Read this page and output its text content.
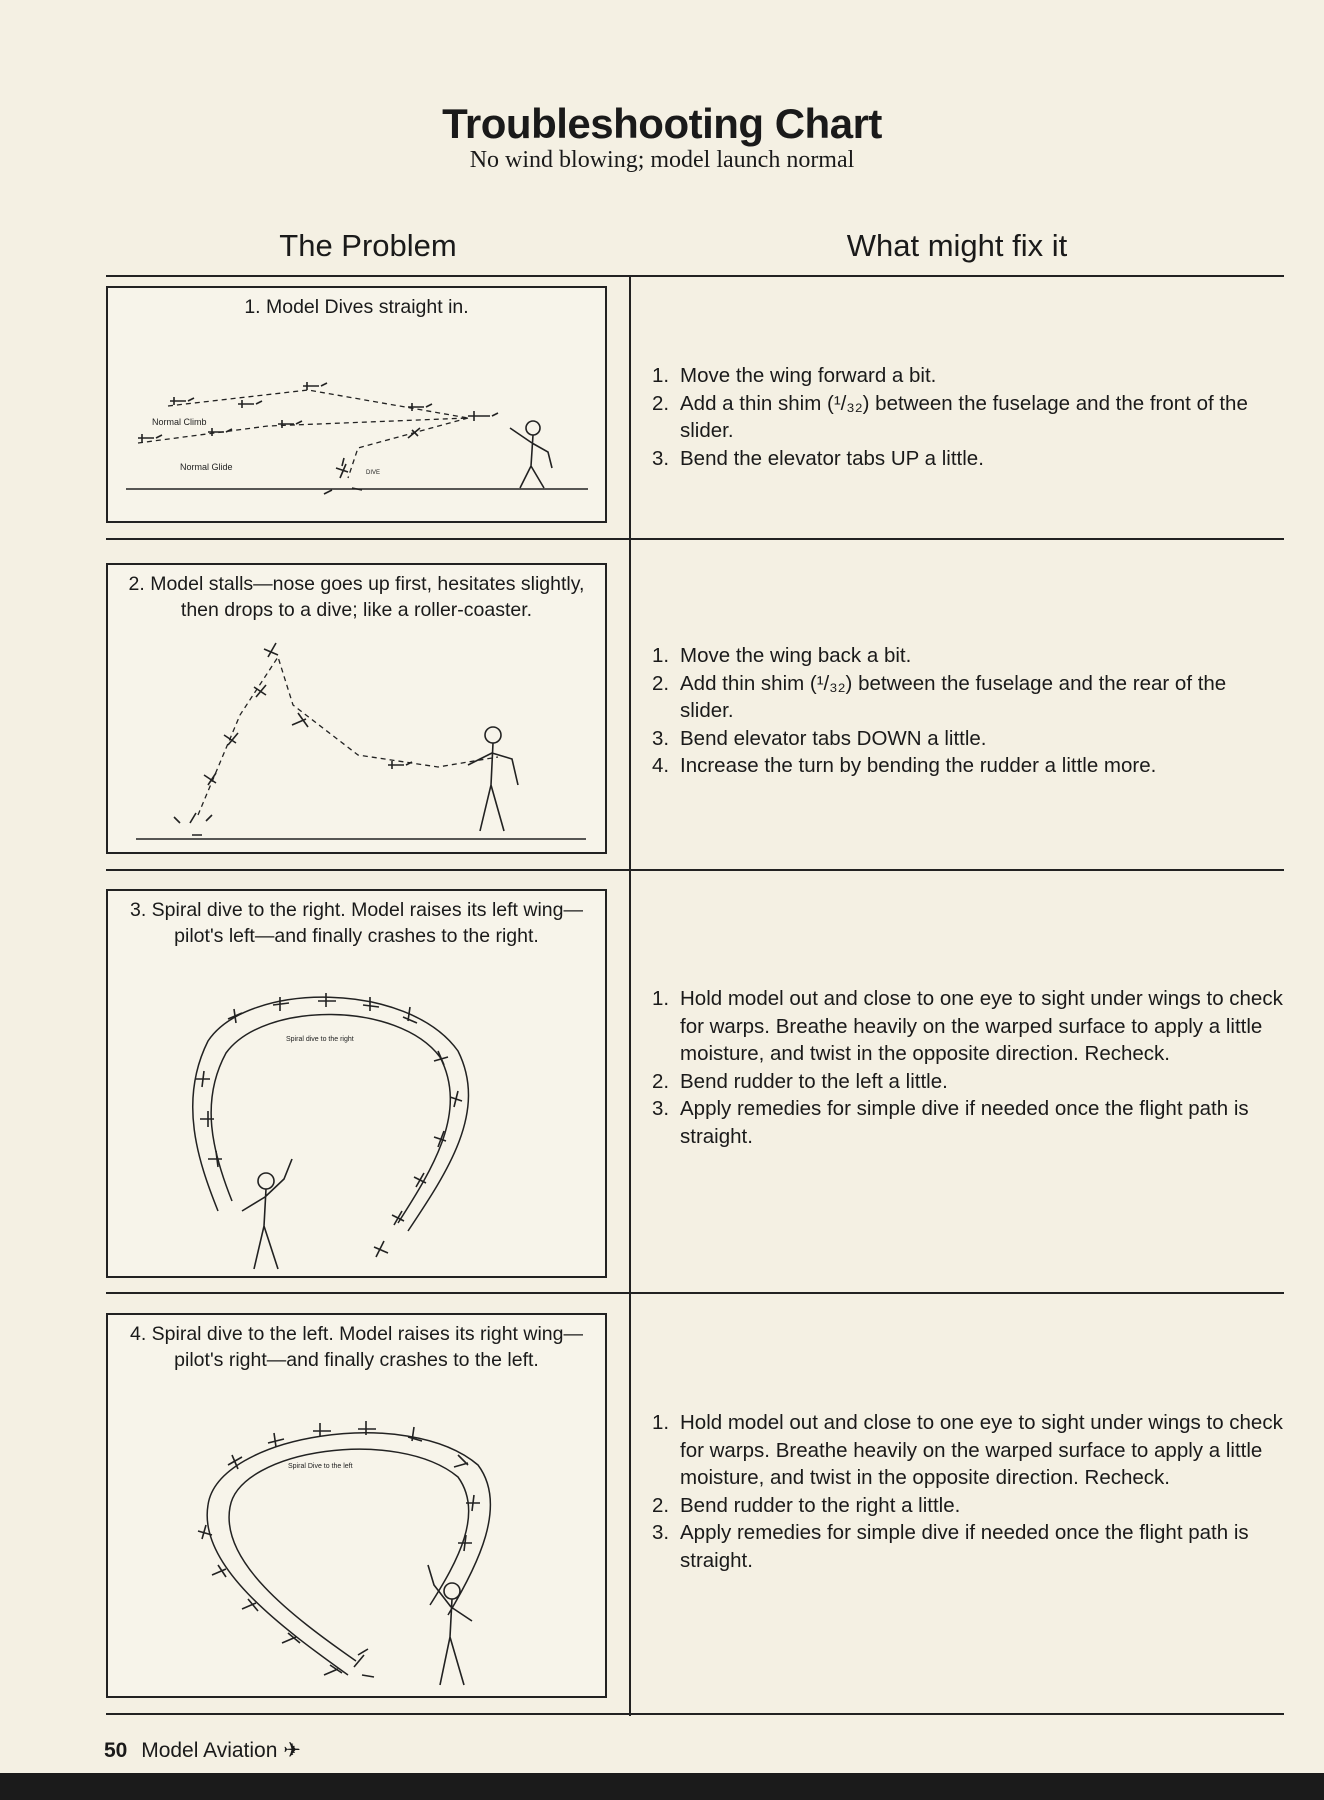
Troubleshooting Chart
No wind blowing; model launch normal
The Problem	What might fix it
1. Model Dives straight in.
Normal Climb
Normal Glide
DIVE
1. Move the wing forward a bit.
2. Add a thin shim (¹/₃₂) between the fuselage and the front of the slider.
3. Bend the elevator tabs UP a little.
2. Model stalls—nose goes up first, hesitates slightly, then drops to a dive; like a roller-coaster.
1. Move the wing back a bit.
2. Add thin shim (¹/₃₂) between the fuselage and the rear of the slider.
3. Bend elevator tabs DOWN a little.
4. Increase the turn by bending the rudder a little more.
3. Spiral dive to the right. Model raises its left wing—pilot's left—and finally crashes to the right.
Spiral dive to the right
1. Hold model out and close to one eye to sight under wings to check for warps. Breathe heavily on the warped surface to apply a little moisture, and twist in the opposite direction. Recheck.
2. Bend rudder to the left a little.
3. Apply remedies for simple dive if needed once the flight path is straight.
4. Spiral dive to the left. Model raises its right wing—pilot's right—and finally crashes to the left.
Spiral Dive to the left
1. Hold model out and close to one eye to sight under wings to check for warps. Breathe heavily on the warped surface to apply a little moisture, and twist in the opposite direction. Recheck.
2. Bend rudder to the right a little.
3. Apply remedies for simple dive if needed once the flight path is straight.
50 Model Aviation ✈
